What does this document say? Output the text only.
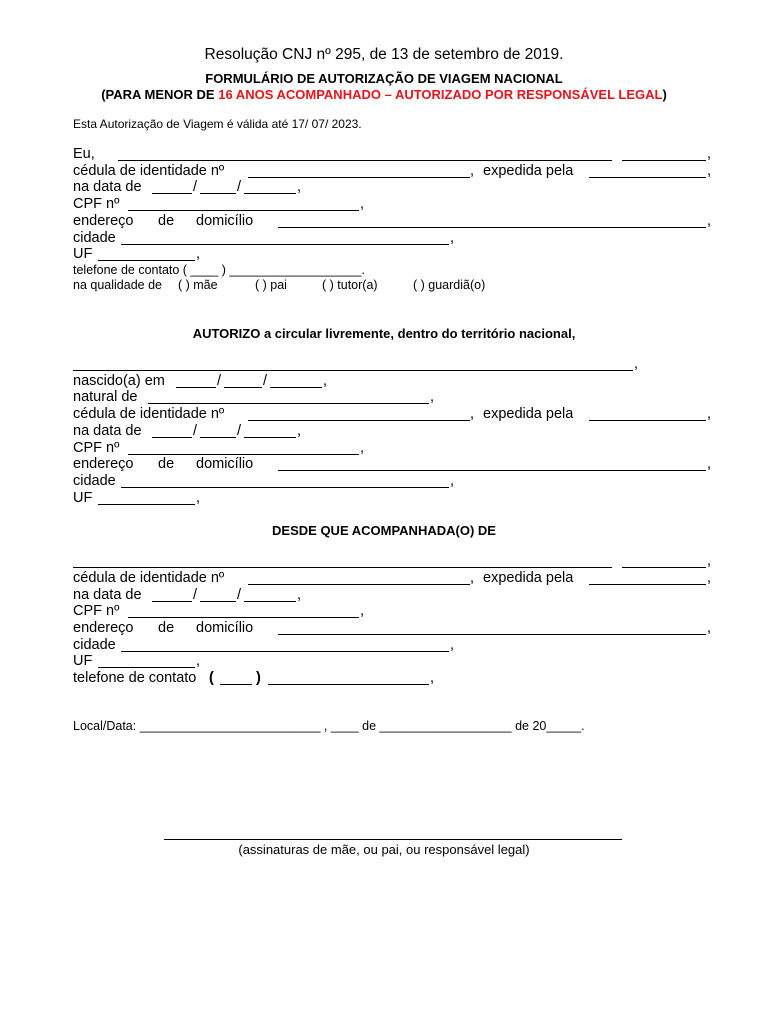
Resolução CNJ nº 295, de 13 de setembro de 2019.
FORMULÁRIO DE AUTORIZAÇÃO DE VIAGEM NACIONAL
(PARA MENOR DE 16 ANOS ACOMPANHADO – AUTORIZADO POR RESPONSÁVEL LEGAL)
Esta Autorização de Viagem é válida até 17/ 07/ 2023.
Eu,	,
cédula de identidade nº	, expedida pela	,
na data de	/	/	,
CPF nº	,
endereço de domicílio	,
cidade	,
UF	,
telefone de contato ( ____ ) ___________________.
na qualidade de ( ) mãe	( ) pai	( ) tutor(a)	( ) guardiã(o)
AUTORIZO a circular livremente, dentro do território nacional,
,
nascido(a) em	/	/	,
natural de	,
cédula de identidade nº	, expedida pela	,
na data de	/	/	,
CPF nº	,
endereço de domicílio	,
cidade	,
UF	,
DESDE QUE ACOMPANHADA(O) DE
,
cédula de identidade nº	, expedida pela	,
na data de	/	/	,
CPF nº	,
endereço de domicílio	,
cidade	,
UF	,
telefone de contato (	)	,
Local/Data: __________________________ , ____ de ___________________ de 20_____.
(assinaturas de mãe, ou pai, ou responsável legal)
